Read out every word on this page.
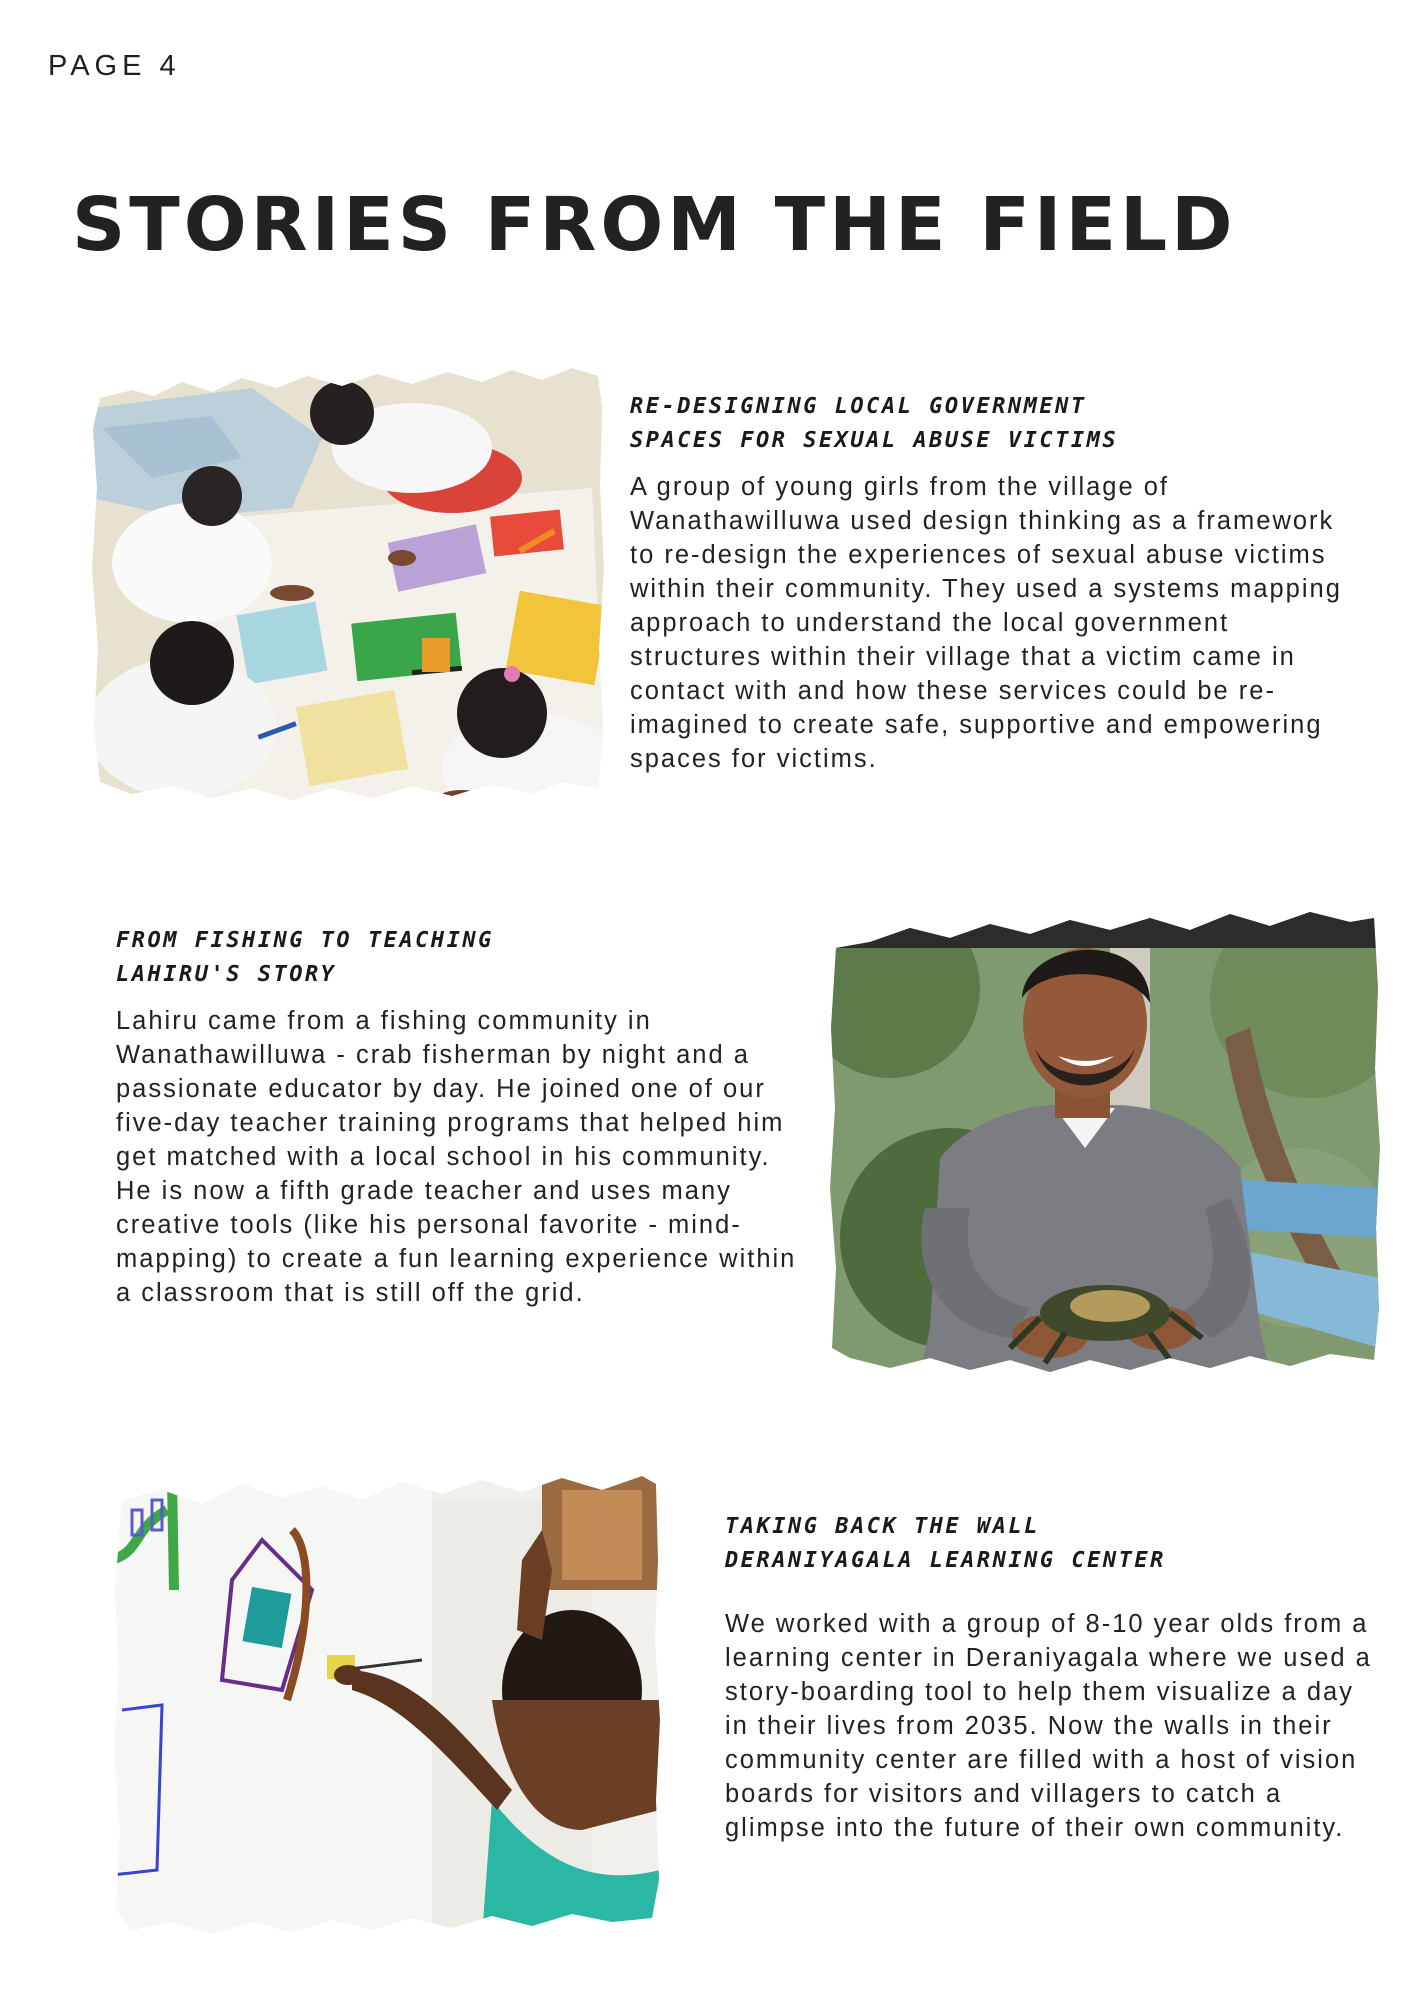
PAGE 4
STORIES FROM THE FIELD
RE-DESIGNING LOCAL GOVERNMENT
SPACES FOR SEXUAL ABUSE VICTIMS

A group of young girls from the village of Wanathawilluwa used design thinking as a framework to re-design the experiences of sexual abuse victims within their community. They used a systems mapping approach to understand the local government structures within their village that a victim came in contact with and how these services could be re-imagined to create safe, supportive and empowering spaces for victims.

FROM FISHING TO TEACHING
LAHIRU'S STORY

Lahiru came from a fishing community in Wanathawilluwa - crab fisherman by night and a passionate educator by day. He joined one of our five-day teacher training programs that helped him get matched with a local school in his community. He is now a fifth grade teacher and uses many creative tools (like his personal favorite - mind-mapping) to create a fun learning experience within a classroom that is still off the grid.

TAKING BACK THE WALL
DERANIYAGALA LEARNING CENTER

We worked with a group of 8-10 year olds from a learning center in Deraniyagala where we used a story-boarding tool to help them visualize a day in their lives from 2035. Now the walls in their community center are filled with a host of vision boards for visitors and villagers to catch a glimpse into the future of their own community.
